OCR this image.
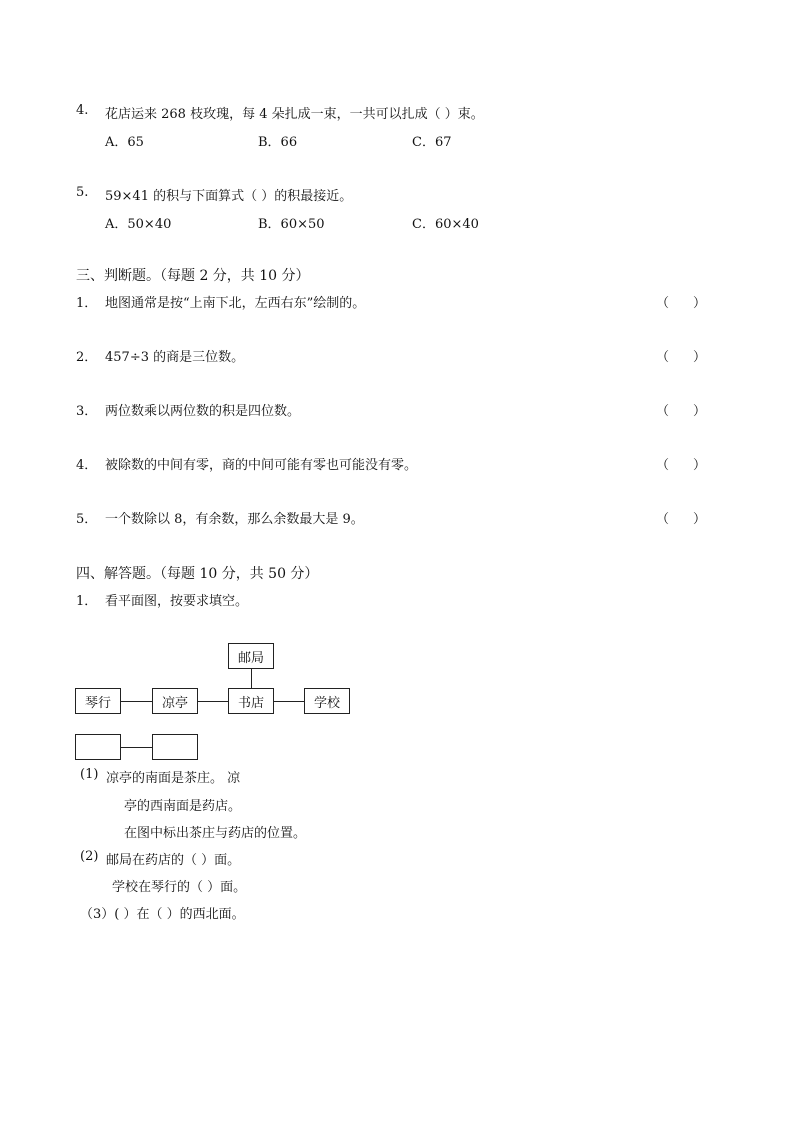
4. 花店运来 268 枝玫瑰，每 4 朵扎成一束，一共可以扎成（ ）束。
A．65	B．66	C．67
5. 59×41 的积与下面算式（ ）的积最接近。
A．50×40	B．60×50	C．60×40
三、判断题。（每题 2 分，共 10 分）
1． 地图通常是按“上南下北，左西右东”绘制的。	（ ）
2． 457÷3 的商是三位数。	（ ）
3． 两位数乘以两位数的积是四位数。	（ ）
4． 被除数的中间有零，商的中间可能有零也可能没有零。	（ ）
5． 一个数除以 8，有余数，那么余数最大是 9。	（ ）
四、解答题。（每题 10 分，共 50 分）
1． 看平面图，按要求填空。
邮局
琴行	凉亭	书店	学校
(1) 凉亭的南面是茶庄。 凉
亭的西南面是药店。
在图中标出茶庄与药店的位置。
(2) 邮局在药店的（ ）面。
学校在琴行的（ ）面。
（3）( ）在（ ）的西北面。
